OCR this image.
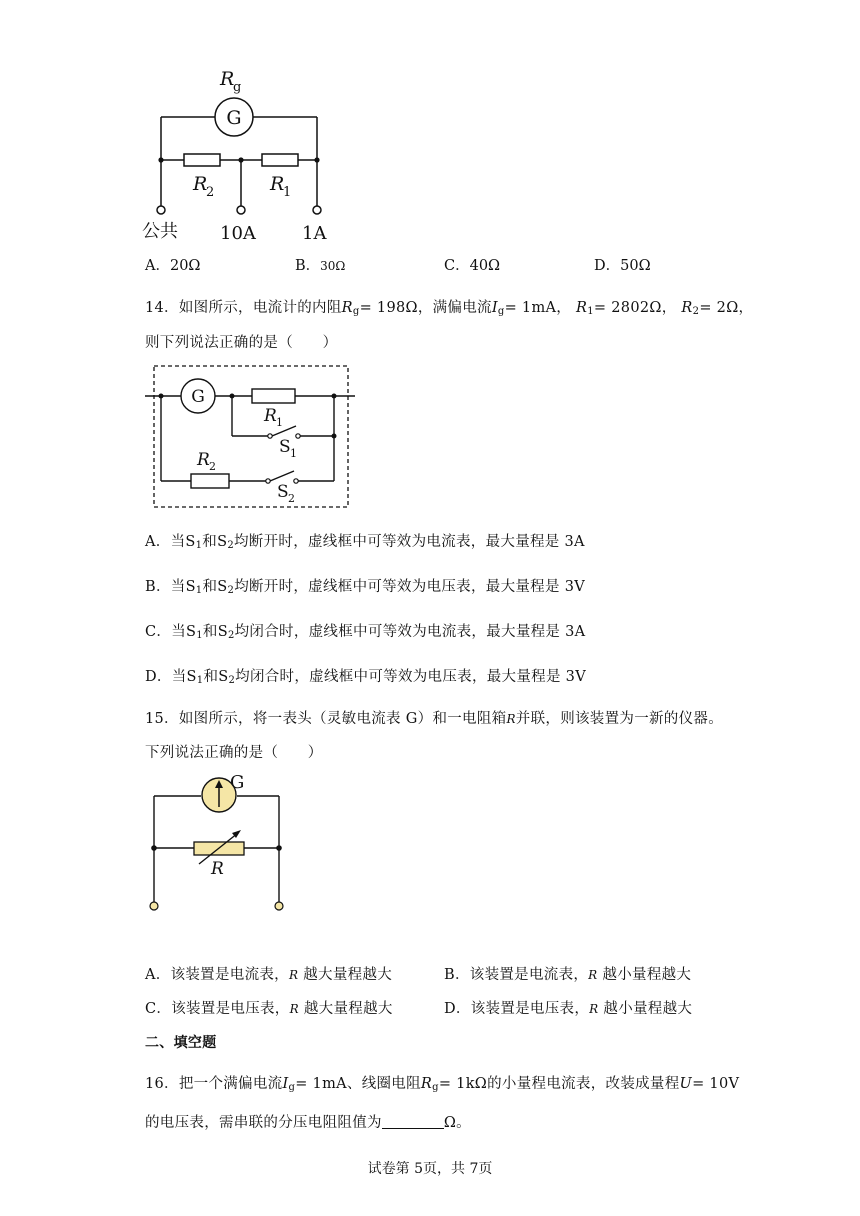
G
R
g
R
2	R
1
公共 10A	1A
A．20Ω	B．30Ω	C．40Ω	D．50Ω
14．如图所示，电流计的内阻$R_g= 198\Omega$，满偏电流$I_g= 1mA$， $R_1= 2802\Omega$， $R_2= 2\Omega$，
则下列说法正确的是（　　）
G
R 1
S 1
R 2
S 2
A．当$S_1$和$S_2$均断开时，虚线框中可等效为电流表，最大量程是 3A
B．当$S_1$和$S_2$均断开时，虚线框中可等效为电压表，最大量程是 3V
C．当$S_1$和$S_2$均闭合时，虚线框中可等效为电流表，最大量程是 3A
D．当$S_1$和$S_2$均闭合时，虚线框中可等效为电压表，最大量程是 3V
15．如图所示，将一表头（灵敏电流表 G）和一电阻箱R并联，则该装置为一新的仪器。
下列说法正确的是（　　）
G
R
A．该装置是电流表，R 越大量程越大	B．该装置是电流表，R 越小量程越大
C．该装置是电压表，R 越大量程越大	D．该装置是电压表，R 越小量程越大
二、填空题
16．把一个满偏电流$I_g= 1mA$、线圈电阻$R_g= 1k\Omega$的小量程电流表，改装成量程U= 10V
的电压表，需串联的分压电阻阻值为	Ω。
试卷第 5页，共 7页
